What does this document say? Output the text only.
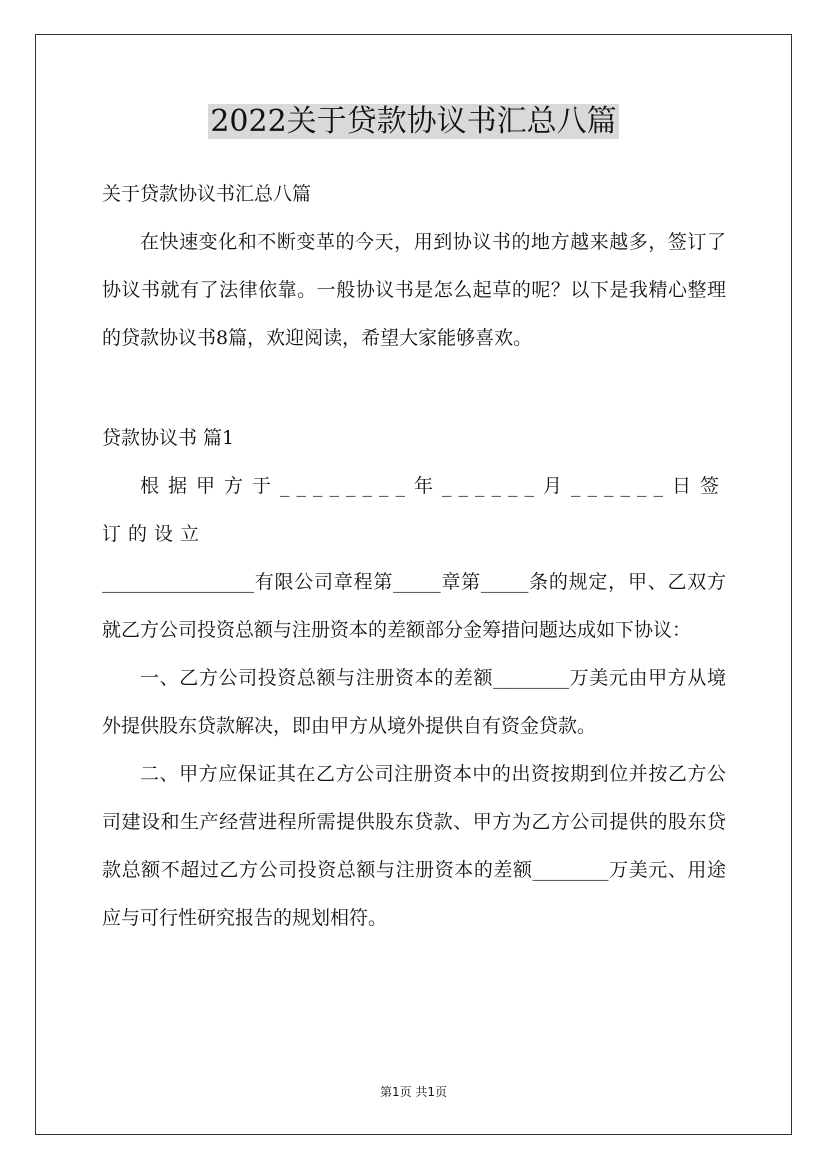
2022关于贷款协议书汇总八篇

关于贷款协议书汇总八篇

在快速变化和不断变革的今天，用到协议书的地方越来越多，签订了协议书就有了法律依靠。一般协议书是怎么起草的呢？以下是我精心整理的贷款协议书8篇，欢迎阅读，希望大家能够喜欢。

贷款协议书 篇1

根据甲方于________年______月______日签订的设立

________________有限公司章程第_____章第_____条的规定，甲、乙双方就乙方公司投资总额与注册资本的差额部分金筹措问题达成如下协议：

一、乙方公司投资总额与注册资本的差额________万美元由甲方从境外提供股东贷款解决，即由甲方从境外提供自有资金贷款。

二、甲方应保证其在乙方公司注册资本中的出资按期到位并按乙方公司建设和生产经营进程所需提供股东贷款、甲方为乙方公司提供的股东贷款总额不超过乙方公司投资总额与注册资本的差额________万美元、用途应与可行性研究报告的规划相符。

第1页 共1页
